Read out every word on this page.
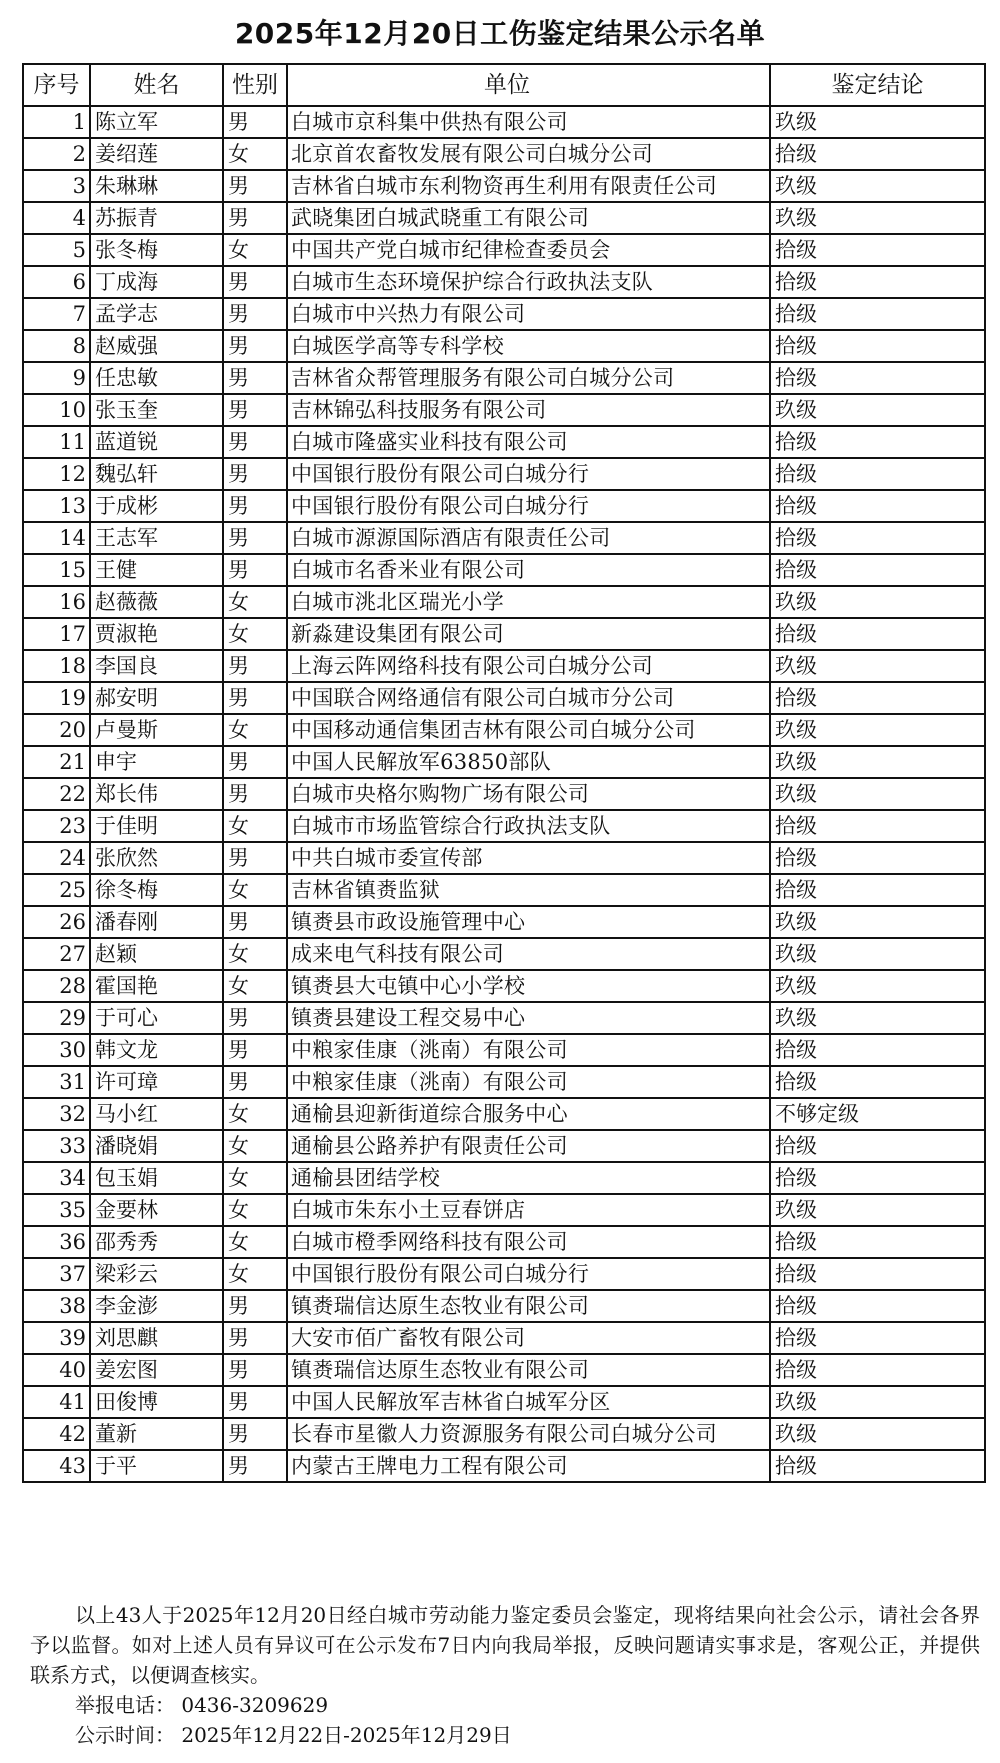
2025年12月20日工伤鉴定结果公示名单
序号	姓名	性别	单位	鉴定结论
1	陈立军	男	白城市京科集中供热有限公司	玖级
2	姜绍莲	女	北京首农畜牧发展有限公司白城分公司	拾级
3	朱琳琳	男	吉林省白城市东利物资再生利用有限责任公司	玖级
4	苏振青	男	武晓集团白城武晓重工有限公司	玖级
5	张冬梅	女	中国共产党白城市纪律检查委员会	拾级
6	丁成海	男	白城市生态环境保护综合行政执法支队	拾级
7	孟学志	男	白城市中兴热力有限公司	拾级
8	赵威强	男	白城医学高等专科学校	拾级
9	任忠敏	男	吉林省众帮管理服务有限公司白城分公司	拾级
10	张玉奎	男	吉林锦弘科技服务有限公司	玖级
11	蓝道锐	男	白城市隆盛实业科技有限公司	拾级
12	魏弘轩	男	中国银行股份有限公司白城分行	拾级
13	于成彬	男	中国银行股份有限公司白城分行	拾级
14	王志军	男	白城市源源国际酒店有限责任公司	拾级
15	王健	男	白城市名香米业有限公司	拾级
16	赵薇薇	女	白城市洮北区瑞光小学	玖级
17	贾淑艳	女	新淼建设集团有限公司	拾级
18	李国良	男	上海云阵网络科技有限公司白城分公司	玖级
19	郝安明	男	中国联合网络通信有限公司白城市分公司	拾级
20	卢曼斯	女	中国移动通信集团吉林有限公司白城分公司	玖级
21	申宇	男	中国人民解放军63850部队	玖级
22	郑长伟	男	白城市央格尔购物广场有限公司	玖级
23	于佳明	女	白城市市场监管综合行政执法支队	拾级
24	张欣然	男	中共白城市委宣传部	拾级
25	徐冬梅	女	吉林省镇赉监狱	拾级
26	潘春刚	男	镇赉县市政设施管理中心	玖级
27	赵颖	女	成来电气科技有限公司	玖级
28	霍国艳	女	镇赉县大屯镇中心小学校	玖级
29	于可心	男	镇赉县建设工程交易中心	玖级
30	韩文龙	男	中粮家佳康（洮南）有限公司	拾级
31	许可璋	男	中粮家佳康（洮南）有限公司	拾级
32	马小红	女	通榆县迎新街道综合服务中心	不够定级
33	潘晓娟	女	通榆县公路养护有限责任公司	拾级
34	包玉娟	女	通榆县团结学校	拾级
35	金要林	女	白城市朱东小土豆春饼店	玖级
36	邵秀秀	女	白城市橙季网络科技有限公司	拾级
37	梁彩云	女	中国银行股份有限公司白城分行	拾级
38	李金澎	男	镇赉瑞信达原生态牧业有限公司	拾级
39	刘思麒	男	大安市佰广畜牧有限公司	拾级
40	姜宏图	男	镇赉瑞信达原生态牧业有限公司	拾级
41	田俊博	男	中国人民解放军吉林省白城军分区	玖级
42	董新	男	长春市星徽人力资源服务有限公司白城分公司	玖级
43	于平	男	内蒙古王牌电力工程有限公司	拾级

以上43人于2025年12月20日经白城市劳动能力鉴定委员会鉴定，现将结果向社会公示，请社会各界予以监督。如对上述人员有异议可在公示发布7日内向我局举报，反映问题请实事求是，客观公正，并提供联系方式，以便调查核实。

举报电话： 0436-3209629

公示时间： 2025年12月22日-2025年12月29日
